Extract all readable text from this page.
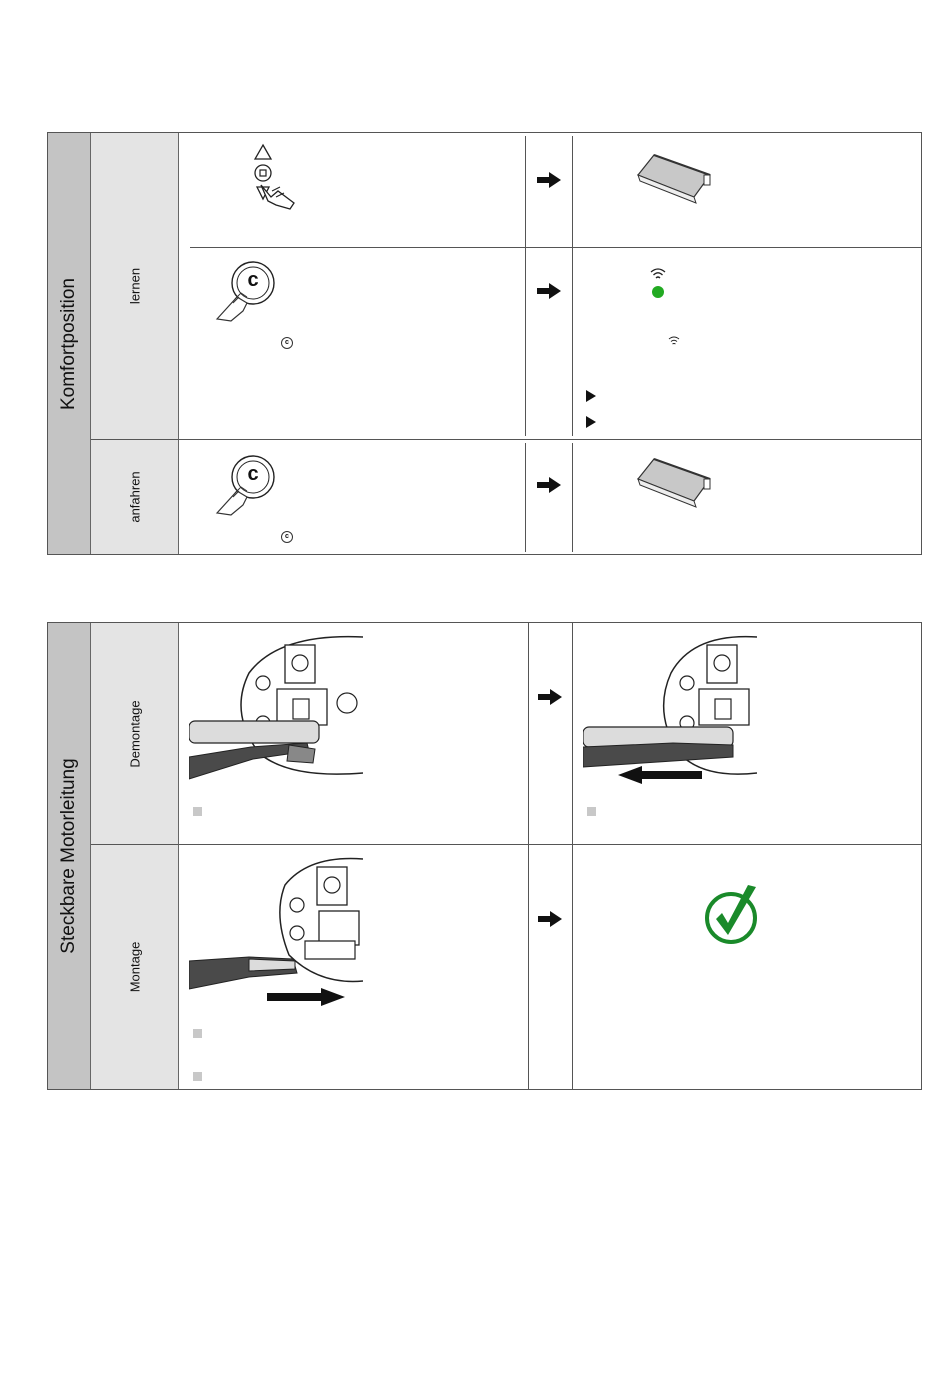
Komfortposition	lernen
anfahren
c
c
c
c
Steckbare Motorleitung
Demontage
Montage
